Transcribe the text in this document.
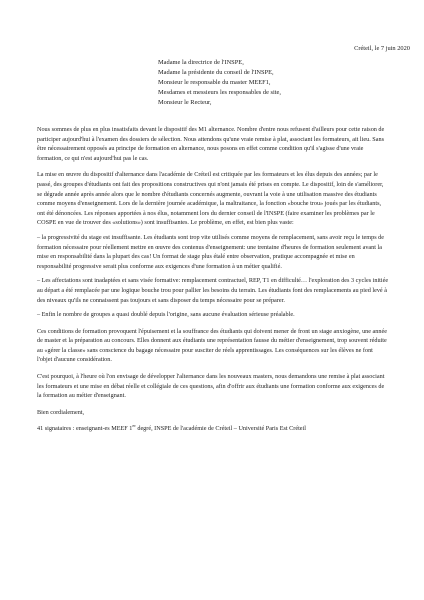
Créteil, le 7 juin 2020
Madame la directrice de l'INSPE,
Madame la présidente du conseil de l'INSPE,
Monsieur le responsable du master MEEF1,
Mesdames et messieurs les responsables de site,
Monsieur le Recteur,

Nous sommes de plus en plus insatisfaits devant le dispositif des M1 alternance. Nombre d'entre nous refusent d'ailleurs pour cette raison de participer aujourd'hui à l'examen des dossiers de sélection. Nous attendons qu'une vraie remise à plat, associant les formateurs, ait lieu. Sans être nécessairement opposés au principe de formation en alternance, nous posons en effet comme condition qu'il s'agisse d'une vraie formation, ce qui n'est aujourd'hui pas le cas.

La mise en œuvre du dispositif d'alternance dans l'académie de Créteil est critiquée par les formateurs et les élus depuis des années; par le passé, des groupes d'étudiants ont fait des propositions constructives qui n'ont jamais été prises en compte. Le dispositif, loin de s'améliorer, se dégrade année après année alors que le nombre d'étudiants concernés augmente, ouvrant la voie à une utilisation massive des étudiants comme moyens d'enseignement. Lors de la dernière journée académique, la maltraitance, la fonction «bouche trou» joués par les étudiants, ont été dénoncées. Les réponses apportées à nos élus, notamment lors du dernier conseil de l'INSPE (faire examiner les problèmes par le COSPE en vue de trouver des «solutions») sont insuffisantes. Le problème, en effet, est bien plus vaste:

– la progressivité du stage est insuffisante. Les étudiants sont trop vite utilisés comme moyens de remplacement, sans avoir reçu le temps de formation nécessaire pour réellement mettre en œuvre des contenus d'enseignement: une trentaine d'heures de formation seulement avant la mise en responsabilité dans la plupart des cas! Un format de stage plus étalé entre observation, pratique accompagnée et mise en responsabilité progressive serait plus conforme aux exigences d'une formation à un métier qualifié.

– Les affectations sont inadaptées et sans visée formative: remplacement contractuel, REP, T1 en difficulté… l'exploration des 3 cycles initiée au départ a été remplacée par une logique bouche trou pour pallier les besoins du terrain. Les étudiants font des remplacements au pied levé à des niveaux qu'ils ne connaissent pas toujours et sans disposer du temps nécessaire pour se préparer.

– Enfin le nombre de groupes a quasi doublé depuis l'origine, sans aucune évaluation sérieuse préalable.

Ces conditions de formation provoquent l'épuisement et la souffrance des étudiants qui doivent mener de front un stage anxiogène, une année de master et la préparation au concours. Elles donnent aux étudiants une représentation fausse du métier d'enseignement, trop souvent réduite au «gérer la classe» sans conscience du bagage nécessaire pour susciter de réels apprentissages. Les conséquences sur les élèves ne font l'objet d'aucune considération.

C'est pourquoi, à l'heure où l'on envisage de développer l'alternance dans les nouveaux masters, nous demandons une remise à plat associant les formateurs et une mise en débat réelle et collégiale de ces questions, afin d'offrir aux étudiants une formation conforme aux exigences de la formation au métier d'enseignant.

Bien cordialement,

41 signataires : enseignant-es MEEF 1er degré, INSPE de l'académie de Créteil – Université Paris Est Créteil
